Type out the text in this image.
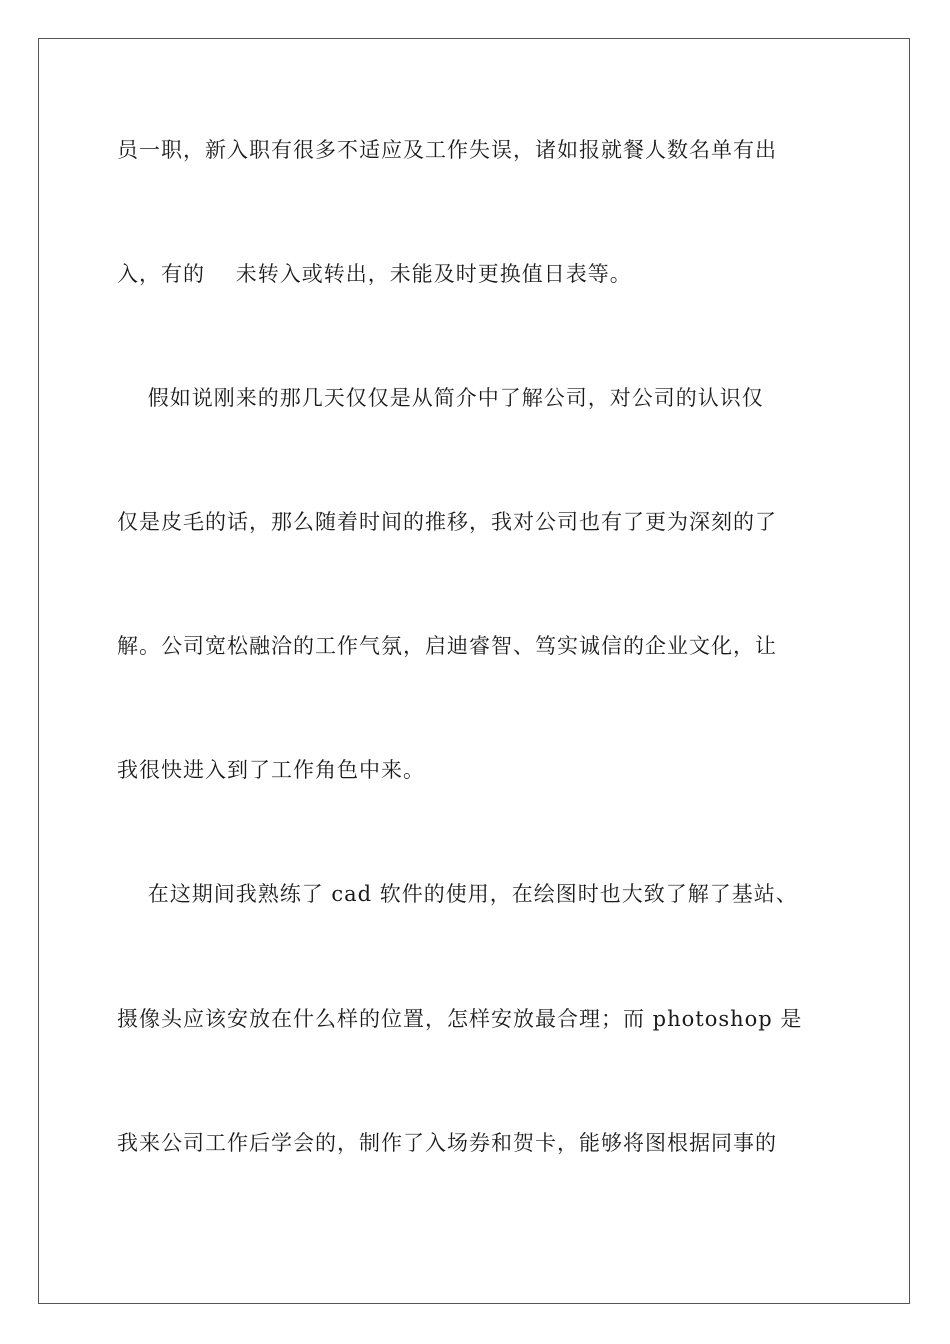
员一职，新入职有很多不适应及工作失误，诸如报就餐人数名单有出
入，有的    未转入或转出，未能及时更换值日表等。
假如说刚来的那几天仅仅是从简介中了解公司，对公司的认识仅
仅是皮毛的话，那么随着时间的推移，我对公司也有了更为深刻的了
解。公司宽松融洽的工作气氛，启迪睿智、笃实诚信的企业文化，让
我很快进入到了工作角色中来。
在这期间我熟练了 cad 软件的使用，在绘图时也大致了解了基站、
摄像头应该安放在什么样的位置，怎样安放最合理；而 photoshop 是
我来公司工作后学会的，制作了入场券和贺卡，能够将图根据同事的
